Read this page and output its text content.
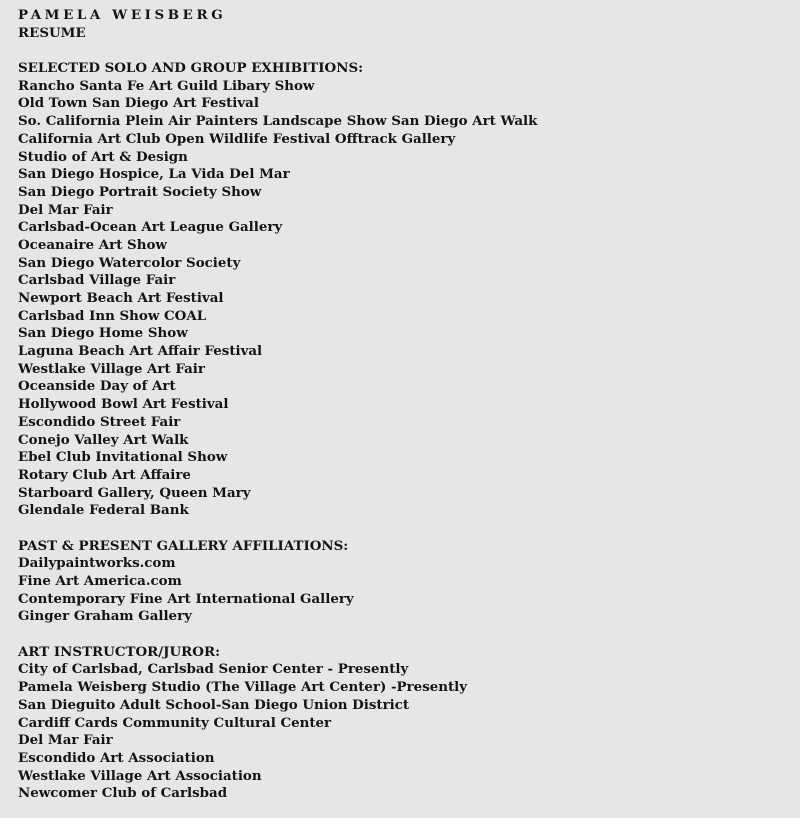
PAMELA WEISBERG
RESUME
SELECTED SOLO AND GROUP EXHIBITIONS:
Rancho Santa Fe Art Guild Libary Show
Old Town San Diego Art Festival
So. California Plein Air Painters Landscape Show San Diego Art Walk
California Art Club Open Wildlife Festival Offtrack Gallery
Studio of Art & Design
San Diego Hospice, La Vida Del Mar
San Diego Portrait Society Show
Del Mar Fair
Carlsbad-Ocean Art League Gallery
Oceanaire Art Show
San Diego Watercolor Society
Carlsbad Village Fair
Newport Beach Art Festival
Carlsbad Inn Show COAL
San Diego Home Show
Laguna Beach Art Affair Festival
Westlake Village Art Fair
Oceanside Day of Art
Hollywood Bowl Art Festival
Escondido Street Fair
Conejo Valley Art Walk
Ebel Club Invitational Show
Rotary Club Art Affaire
Starboard Gallery, Queen Mary
Glendale Federal Bank
PAST & PRESENT GALLERY AFFILIATIONS:
Dailypaintworks.com
Fine Art America.com
Contemporary Fine Art International Gallery
Ginger Graham Gallery
ART INSTRUCTOR/JUROR:
City of Carlsbad, Carlsbad Senior Center - Presently
Pamela Weisberg Studio (The Village Art Center) -Presently
San Dieguito Adult School-San Diego Union District
Cardiff Cards Community Cultural Center
Del Mar Fair
Escondido Art Association
Westlake Village Art Association
Newcomer Club of Carlsbad
